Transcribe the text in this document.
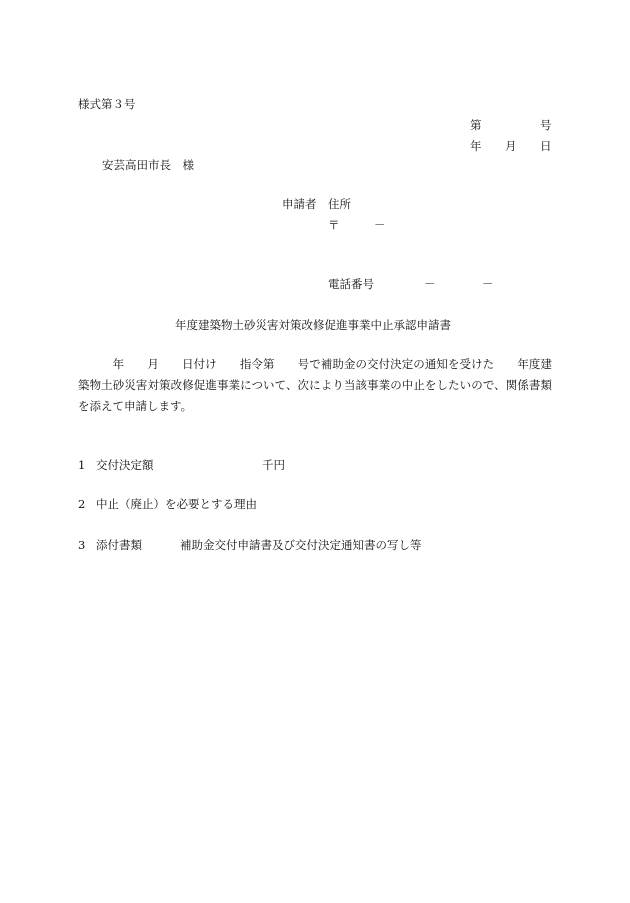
様式第３号
第	号
年 月 日
安芸高田市長　様
申請者 住所
〒	－
電話番号	－	－
年度建築物土砂災害対策改修促進事業中止承認申請書
　　　年　　月　　日付け　　指令第　　号で補助金の交付決定の通知を受けた　　年度建築物土砂災害対策改修促進事業について、次により当該事業の中止をしたいので、関係書類を添えて申請します。
1 交付決定額	千円
2 中止（廃止）を必要とする理由
3 添付書類	補助金交付申請書及び交付決定通知書の写し等
